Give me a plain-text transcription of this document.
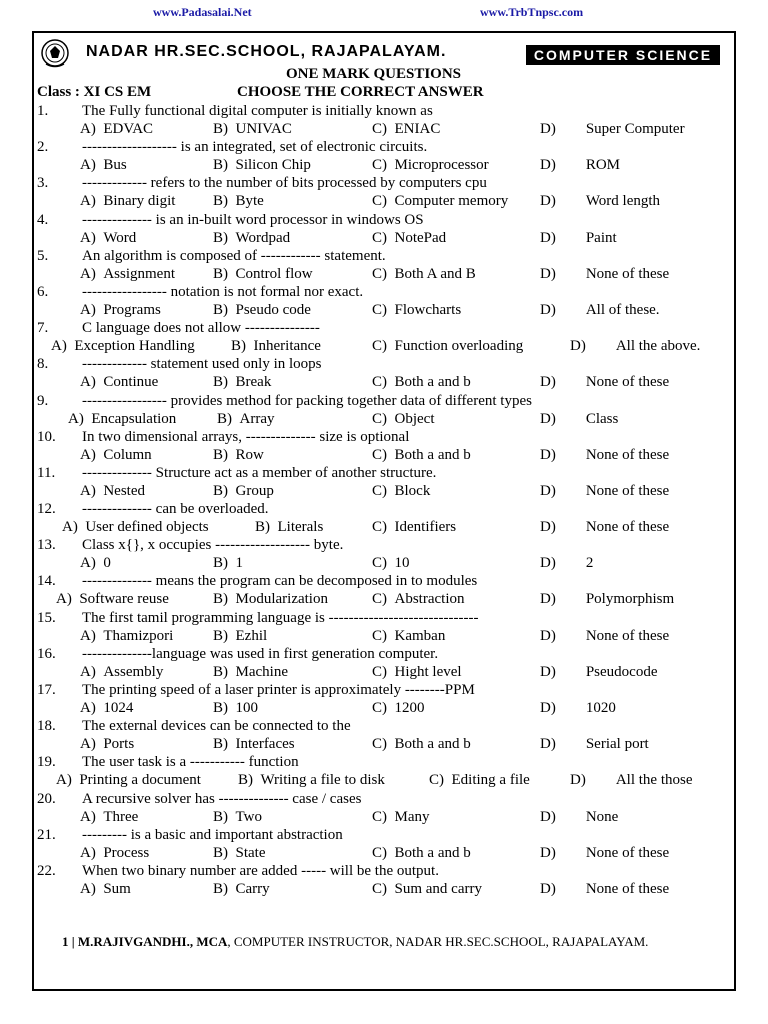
www.Padasalai.Net	www.TrbTnpsc.com
NADAR HR.SEC.SCHOOL, RAJAPALAYAM.	COMPUTER SCIENCE
ONE MARK QUESTIONS
Class : XI CS EM	CHOOSE THE CORRECT ANSWER
1. The Fully functional digital computer is initially known as
A) EDVAC	B) UNIVAC	C) ENIAC	D)   Super Computer
2. ------------------- is an integrated, set of electronic circuits.
A) Bus	B) Silicon Chip	C) Microprocessor	D)   ROM
3. ------------- refers to the number of bits processed by computers cpu
A) Binary digit	B) Byte	C) Computer memory D)   Word length
4. -------------- is an in-built word processor in windows OS
A) Word	B) Wordpad	C) NotePad	D)   Paint
5. An algorithm is composed of ------------ statement.
A) Assignment	B) Control flow	C) Both A and B	D)   None of these
6. ----------------- notation is not formal nor exact.
A) Programs	B) Pseudo code	C) Flowcharts	D)   All of these.
7. C language does not allow ---------------
A) Exception Handling B) Inheritance	C) Function overloading	D)   All the above.
8. ------------- statement used only in loops
A) Continue	B) Break	C) Both a and b	D)   None of these
9. ----------------- provides method for packing together data of different types
A) Encapsulation	B) Array	C) Object	D)   Class
10. In two dimensional arrays, -------------- size is optional
A) Column	B) Row	C) Both a and b	D)   None of these
11. -------------- Structure act as a member of another structure.
A) Nested	B) Group	C) Block	D)   None of these
12. -------------- can be overloaded.
A) User defined objects	B) Literals	C) Identifiers	D)   None of these
13. Class x{}, x occupies ------------------- byte.
A) 0	B) 1	C) 10	D)   2
14. -------------- means the program can be decomposed in to modules
A) Software reuse	B) Modularization	C) Abstraction	D)   Polymorphism
15. The first tamil programming language is ------------------------------
A) Thamizpori	B) Ezhil	C) Kamban	D)   None of these
16. --------------language was used in first generation computer.
A) Assembly	B) Machine	C) Hight level	D)   Pseudocode
17. The printing speed of a laser printer is approximately --------PPM
A) 1024	B) 100	C) 1200	D)   1020
18. The external devices can be connected to the
A) Ports	B) Interfaces	C) Both a and b	D)   Serial port
19. The user task is a ----------- function
A) Printing a document B) Writing a file to disk	C) Editing a file	D)   All the those
20. A recursive solver has -------------- case / cases
A) Three	B) Two	C) Many	D)   None
21. --------- is a basic and important abstraction
A) Process	B) State	C) Both a and b	D)   None of these
22. When two binary number are added ----- will be the output.
A) Sum	B) Carry	C) Sum and carry	D)   None of these
1 | M.RAJIVGANDHI., MCA, COMPUTER INSTRUCTOR, NADAR HR.SEC.SCHOOL, RAJAPALAYAM.
